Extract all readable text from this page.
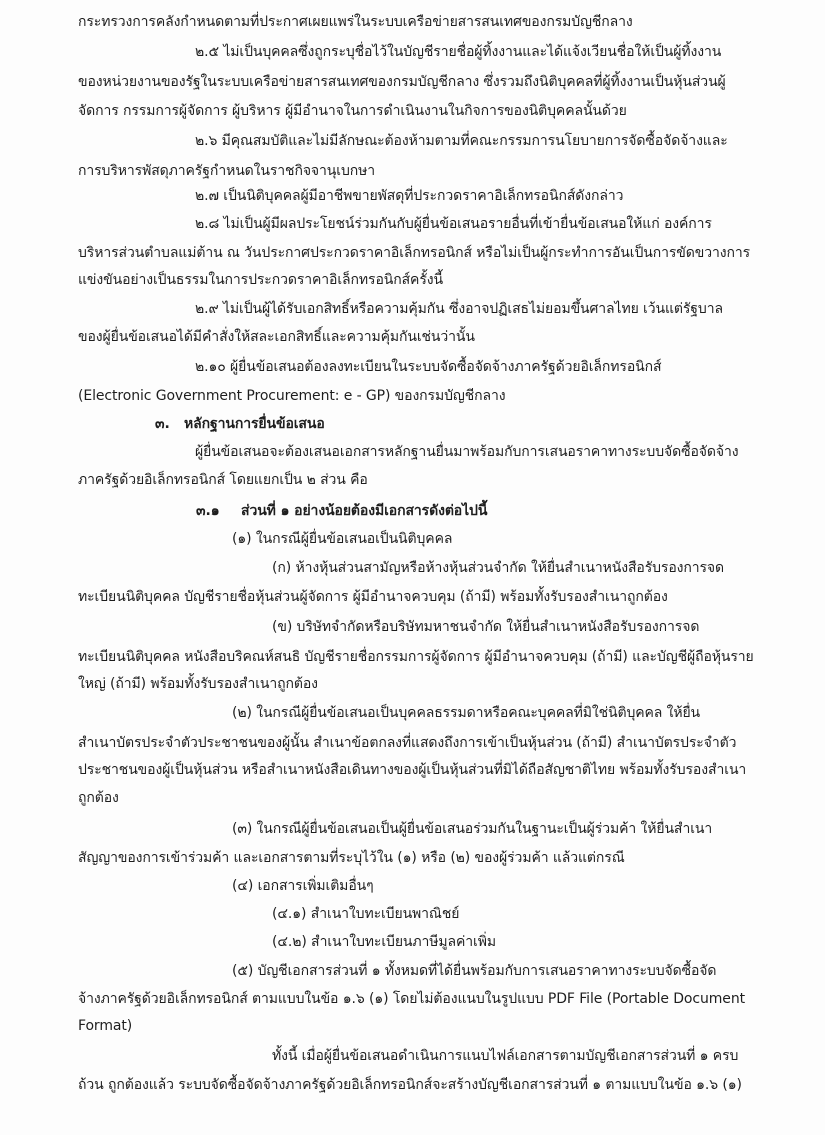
กระทรวงการคลังกำหนดตามที่ประกาศเผยแพร่ในระบบเครือข่ายสารสนเทศของกรมบัญชีกลาง
๒.๕ ไม่เป็นบุคคลซึ่งถูกระบุชื่อไว้ในบัญชีรายชื่อผู้ทิ้งงานและได้แจ้งเวียนชื่อให้เป็นผู้ทิ้งงาน
ของหน่วยงานของรัฐในระบบเครือข่ายสารสนเทศของกรมบัญชีกลาง ซึ่งรวมถึงนิติบุคคลที่ผู้ทิ้งงานเป็นหุ้นส่วนผู้
จัดการ กรรมการผู้จัดการ ผู้บริหาร ผู้มีอำนาจในการดำเนินงานในกิจการของนิติบุคคลนั้นด้วย
๒.๖ มีคุณสมบัติและไม่มีลักษณะต้องห้ามตามที่คณะกรรมการนโยบายการจัดซื้อจัดจ้างและ
การบริหารพัสดุภาครัฐกำหนดในราชกิจจานุเบกษา
๒.๗ เป็นนิติบุคคลผู้มีอาชีพขายพัสดุที่ประกวดราคาอิเล็กทรอนิกส์ดังกล่าว
๒.๘ ไม่เป็นผู้มีผลประโยชน์ร่วมกันกับผู้ยื่นข้อเสนอรายอื่นที่เข้ายื่นข้อเสนอให้แก่ องค์การ
บริหารส่วนตำบลแม่ต้าน ณ วันประกาศประกวดราคาอิเล็กทรอนิกส์ หรือไม่เป็นผู้กระทำการอันเป็นการขัดขวางการ
แข่งขันอย่างเป็นธรรมในการประกวดราคาอิเล็กทรอนิกส์ครั้งนี้
๒.๙ ไม่เป็นผู้ได้รับเอกสิทธิ์หรือความคุ้มกัน ซึ่งอาจปฏิเสธไม่ยอมขึ้นศาลไทย เว้นแต่รัฐบาล
ของผู้ยื่นข้อเสนอได้มีคำสั่งให้สละเอกสิทธิ์และความคุ้มกันเช่นว่านั้น
๒.๑๐ ผู้ยื่นข้อเสนอต้องลงทะเบียนในระบบจัดซื้อจัดจ้างภาครัฐด้วยอิเล็กทรอนิกส์
(Electronic Government Procurement: e - GP) ของกรมบัญชีกลาง
๓. หลักฐานการยื่นข้อเสนอ
ผู้ยื่นข้อเสนอจะต้องเสนอเอกสารหลักฐานยื่นมาพร้อมกับการเสนอราคาทางระบบจัดซื้อจัดจ้าง
ภาครัฐด้วยอิเล็กทรอนิกส์ โดยแยกเป็น ๒ ส่วน คือ
๓.๑ ส่วนที่ ๑ อย่างน้อยต้องมีเอกสารดังต่อไปนี้
(๑) ในกรณีผู้ยื่นข้อเสนอเป็นนิติบุคคล
(ก) ห้างหุ้นส่วนสามัญหรือห้างหุ้นส่วนจำกัด ให้ยื่นสำเนาหนังสือรับรองการจด
ทะเบียนนิติบุคคล บัญชีรายชื่อหุ้นส่วนผู้จัดการ ผู้มีอำนาจควบคุม (ถ้ามี) พร้อมทั้งรับรองสำเนาถูกต้อง
(ข) บริษัทจำกัดหรือบริษัทมหาชนจำกัด ให้ยื่นสำเนาหนังสือรับรองการจด
ทะเบียนนิติบุคคล หนังสือบริคณห์สนธิ บัญชีรายชื่อกรรมการผู้จัดการ ผู้มีอำนาจควบคุม (ถ้ามี) และบัญชีผู้ถือหุ้นราย
ใหญ่ (ถ้ามี) พร้อมทั้งรับรองสำเนาถูกต้อง
(๒) ในกรณีผู้ยื่นข้อเสนอเป็นบุคคลธรรมดาหรือคณะบุคคลที่มิใช่นิติบุคคล ให้ยื่น
สำเนาบัตรประจำตัวประชาชนของผู้นั้น สำเนาข้อตกลงที่แสดงถึงการเข้าเป็นหุ้นส่วน (ถ้ามี) สำเนาบัตรประจำตัว
ประชาชนของผู้เป็นหุ้นส่วน หรือสำเนาหนังสือเดินทางของผู้เป็นหุ้นส่วนที่มิได้ถือสัญชาติไทย พร้อมทั้งรับรองสำเนา
ถูกต้อง
(๓) ในกรณีผู้ยื่นข้อเสนอเป็นผู้ยื่นข้อเสนอร่วมกันในฐานะเป็นผู้ร่วมค้า ให้ยื่นสำเนา
สัญญาของการเข้าร่วมค้า และเอกสารตามที่ระบุไว้ใน (๑) หรือ (๒) ของผู้ร่วมค้า แล้วแต่กรณี
(๔) เอกสารเพิ่มเติมอื่นๆ
(๔.๑) สำเนาใบทะเบียนพาณิชย์
(๔.๒) สำเนาใบทะเบียนภาษีมูลค่าเพิ่ม
(๕) บัญชีเอกสารส่วนที่ ๑ ทั้งหมดที่ได้ยื่นพร้อมกับการเสนอราคาทางระบบจัดซื้อจัด
จ้างภาครัฐด้วยอิเล็กทรอนิกส์ ตามแบบในข้อ ๑.๖ (๑) โดยไม่ต้องแนบในรูปแบบ PDF File (Portable Document
Format)
ทั้งนี้ เมื่อผู้ยื่นข้อเสนอดำเนินการแนบไฟล์เอกสารตามบัญชีเอกสารส่วนที่ ๑ ครบ
ถ้วน ถูกต้องแล้ว ระบบจัดซื้อจัดจ้างภาครัฐด้วยอิเล็กทรอนิกส์จะสร้างบัญชีเอกสารส่วนที่ ๑ ตามแบบในข้อ ๑.๖ (๑)
